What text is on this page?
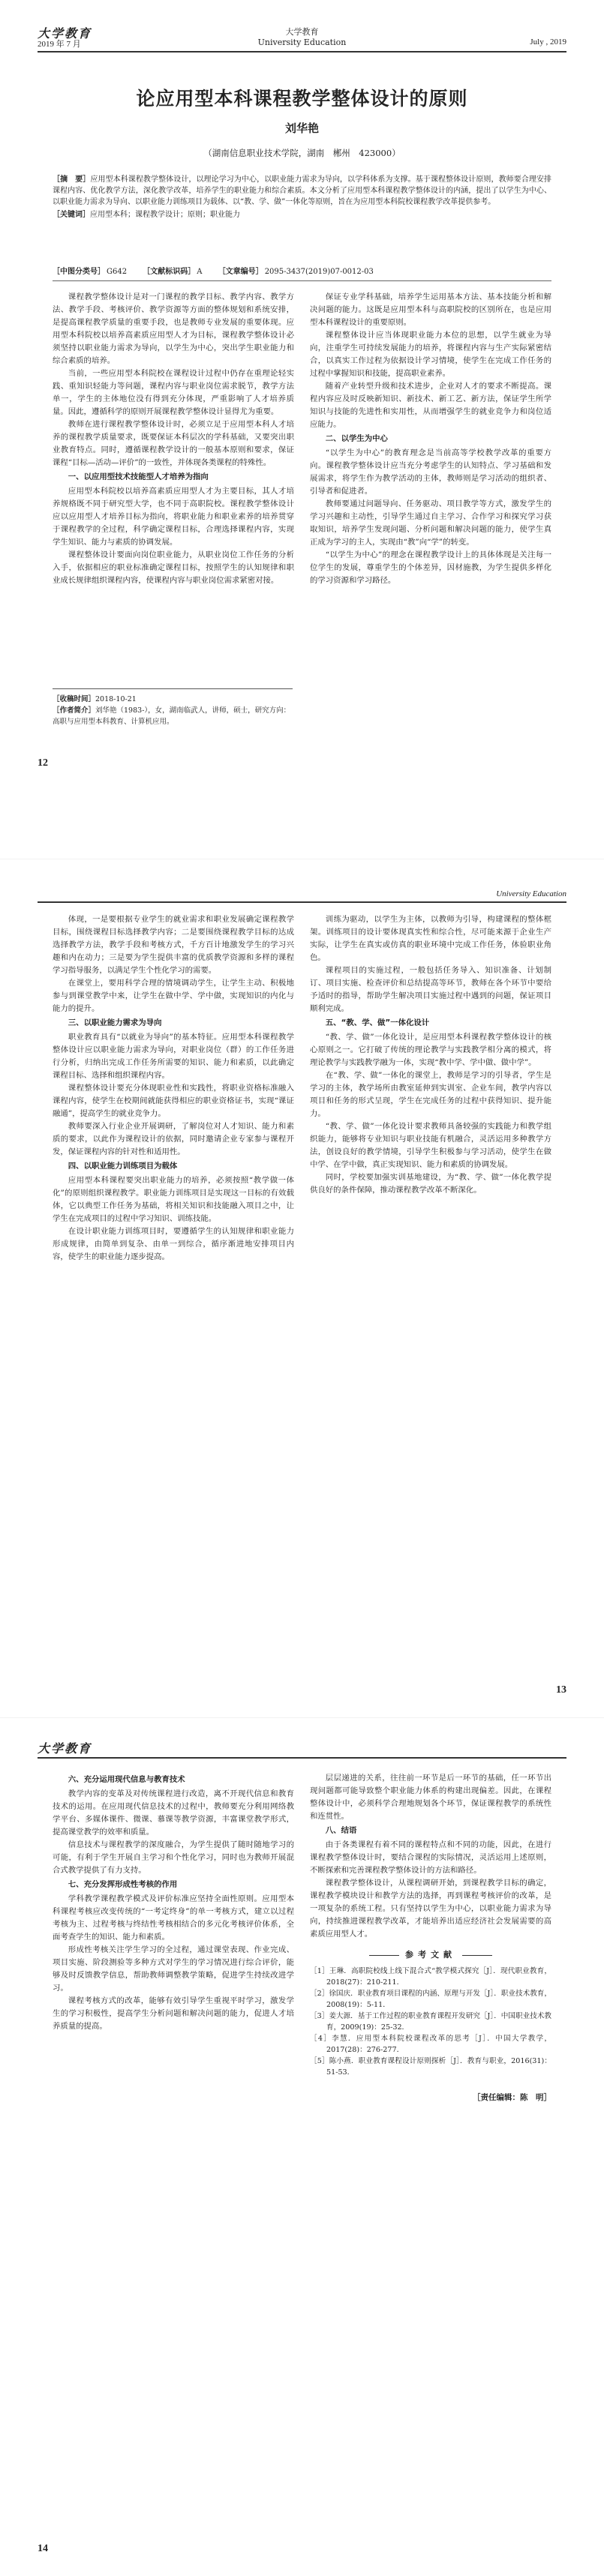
大学教育	大学教育
University Education
2019 年 7 月	July , 2019
论应用型本科课程教学整体设计的原则
刘华艳
（湖南信息职业技术学院，湖南　郴州　423000）
［摘　要］应用型本科课程教学整体设计，以理论学习为中心，以职业能力需求为导向，以学科体系为支撑。基于课程整体设计原则，教师要合理安排课程内容、优化教学方法，深化教学改革，培养学生的职业能力和综合素质。本文分析了应用型本科课程教学整体设计的内涵，提出了以学生为中心、以职业能力需求为导向、以职业能力训练项目为载体、以“教、学、做”一体化等原则，旨在为应用型本科院校课程教学改革提供参考。
［关键词］应用型本科；课程教学设计；原则；职业能力
［中图分类号］ G642 ［文献标识码］ A ［文章编号］ 2095-3437(2019)07-0012-03

课程教学整体设计是对一门课程的教学目标、教学内容、教学方法、教学手段、考核评价、教学资源等方面的整体规划和系统安排，是提高课程教学质量的重要手段，也是教师专业发展的重要体现。应用型本科院校以培养高素质应用型人才为目标，课程教学整体设计必须坚持以职业能力需求为导向，以学生为中心，突出学生职业能力和综合素质的培养。

当前，一些应用型本科院校在课程设计过程中仍存在重理论轻实践、重知识轻能力等问题，课程内容与职业岗位需求脱节，教学方法单一，学生的主体地位没有得到充分体现，严重影响了人才培养质量。因此，遵循科学的原则开展课程教学整体设计显得尤为重要。

教师在进行课程教学整体设计时，必须立足于应用型本科人才培养的课程教学质量要求，既要保证本科层次的学科基础，又要突出职业教育特点。同时，遵循课程教学设计的一般基本原则和要求，保证课程“目标—活动—评价”的一致性，并体现各类课程的特殊性。

一、以应用型技术技能型人才培养为指向

应用型本科院校以培养高素质应用型人才为主要目标，其人才培养规格既不同于研究型大学，也不同于高职院校。课程教学整体设计应以应用型人才培养目标为指向，将职业能力和职业素养的培养贯穿于课程教学的全过程，科学确定课程目标，合理选择课程内容，实现学生知识、能力与素质的协调发展。

课程整体设计要面向岗位职业能力，从职业岗位工作任务的分析入手，依据相应的职业标准确定课程目标，按照学生的认知规律和职业成长规律组织课程内容，使课程内容与职业岗位需求紧密对接。

保证专业学科基础，培养学生运用基本方法、基本技能分析和解决问题的能力。这既是应用型本科与高职院校的区别所在，也是应用型本科课程设计的重要原则。

课程整体设计应当体现职业能力本位的思想，以学生就业为导向，注重学生可持续发展能力的培养，将课程内容与生产实际紧密结合，以真实工作过程为依据设计学习情境，使学生在完成工作任务的过程中掌握知识和技能，提高职业素养。

随着产业转型升级和技术进步，企业对人才的要求不断提高。课程内容应及时反映新知识、新技术、新工艺、新方法，保证学生所学知识与技能的先进性和实用性，从而增强学生的就业竞争力和岗位适应能力。

二、以学生为中心

“以学生为中心”的教育理念是当前高等学校教学改革的重要方向。课程教学整体设计应当充分考虑学生的认知特点、学习基础和发展需求，将学生作为教学活动的主体，教师则是学习活动的组织者、引导者和促进者。

教师要通过问题导向、任务驱动、项目教学等方式，激发学生的学习兴趣和主动性，引导学生通过自主学习、合作学习和探究学习获取知识，培养学生发现问题、分析问题和解决问题的能力，使学生真正成为学习的主人，实现由“教”向“学”的转变。

“以学生为中心”的理念在课程教学设计上的具体体现是关注每一位学生的发展，尊重学生的个体差异，因材施教，为学生提供多样化的学习资源和学习路径。

［收稿时间］2018-10-21
［作者简介］刘华艳（1983-），女，湖南临武人，讲师，硕士，研究方向：高职与应用型本科教育、计算机应用。
12
University Education

体现，一是要根据专业学生的就业需求和职业发展确定课程教学目标，围绕课程目标选择教学内容；二是要围绕课程教学目标的达成选择教学方法，教学手段和考核方式，千方百计地激发学生的学习兴趣和内在动力；三是要为学生提供丰富的优质教学资源和多样的课程学习指导服务，以满足学生个性化学习的需要。

在课堂上，要用科学合理的情境调动学生，让学生主动、积极地参与到课堂教学中来，让学生在做中学、学中做，实现知识的内化与能力的提升。

三、以职业能力需求为导向

职业教育具有“以就业为导向”的基本特征。应用型本科课程教学整体设计应以职业能力需求为导向，对职业岗位（群）的工作任务进行分析，归纳出完成工作任务所需要的知识、能力和素质，以此确定课程目标、选择和组织课程内容。

课程整体设计要充分体现职业性和实践性，将职业资格标准融入课程内容，使学生在校期间就能获得相应的职业资格证书，实现“课证融通”，提高学生的就业竞争力。

教师要深入行业企业开展调研，了解岗位对人才知识、能力和素质的要求，以此作为课程设计的依据，同时邀请企业专家参与课程开发，保证课程内容的针对性和适用性。

四、以职业能力训练项目为载体

应用型本科课程要突出职业能力的培养，必须按照“教学做一体化”的原则组织课程教学。职业能力训练项目是实现这一目标的有效载体，它以典型工作任务为基础，将相关知识和技能融入项目之中，让学生在完成项目的过程中学习知识、训练技能。

在设计职业能力训练项目时，要遵循学生的认知规律和职业能力形成规律，由简单到复杂、由单一到综合，循序渐进地安排项目内容，使学生的职业能力逐步提高。

训练为驱动，以学生为主体，以教师为引导，构建课程的整体框架。训练项目的设计要体现真实性和综合性，尽可能来源于企业生产实际，让学生在真实或仿真的职业环境中完成工作任务，体验职业角色。

课程项目的实施过程，一般包括任务导入、知识准备、计划制订、项目实施、检查评价和总结提高等环节，教师在各个环节中要给予适时的指导，帮助学生解决项目实施过程中遇到的问题，保证项目顺利完成。

五、“教、学、做”一体化设计

“教、学、做”一体化设计，是应用型本科课程教学整体设计的核心原则之一。它打破了传统的理论教学与实践教学相分离的模式，将理论教学与实践教学融为一体，实现“教中学、学中做、做中学”。

在“教、学、做”一体化的课堂上，教师是学习的引导者，学生是学习的主体，教学场所由教室延伸到实训室、企业车间，教学内容以项目和任务的形式呈现，学生在完成任务的过程中获得知识、提升能力。

“教、学、做”一体化设计要求教师具备较强的实践能力和教学组织能力，能够将专业知识与职业技能有机融合，灵活运用多种教学方法，创设良好的教学情境，引导学生积极参与学习活动，使学生在做中学、在学中做，真正实现知识、能力和素质的协调发展。

同时，学校要加强实训基地建设，为“教、学、做”一体化教学提供良好的条件保障，推动课程教学改革不断深化。

13
大学教育
六、充分运用现代信息与教育技术

教学内容的变革及对传统课程进行改造，离不开现代信息和教育技术的运用。在应用现代信息技术的过程中，教师要充分利用网络教学平台、多媒体课件、微课、慕课等教学资源，丰富课堂教学形式，提高课堂教学的效率和质量。

信息技术与课程教学的深度融合，为学生提供了随时随地学习的可能，有利于学生开展自主学习和个性化学习，同时也为教师开展混合式教学提供了有力支持。

七、充分发挥形成性考核的作用

学科教学课程教学模式及评价标准应坚持全面性原则。应用型本科课程考核应改变传统的“一考定终身”的单一考核方式，建立以过程考核为主、过程考核与终结性考核相结合的多元化考核评价体系，全面考查学生的知识、能力和素质。

形成性考核关注学生学习的全过程，通过课堂表现、作业完成、项目实施、阶段测验等多种方式对学生的学习情况进行综合评价，能够及时反馈教学信息，帮助教师调整教学策略，促进学生持续改进学习。

课程考核方式的改革，能够有效引导学生重视平时学习，激发学生的学习积极性，提高学生分析问题和解决问题的能力，促进人才培养质量的提高。

层层递进的关系，往往前一环节是后一环节的基础，任一环节出现问题都可能导致整个职业能力体系的构建出现偏差。因此，在课程整体设计中，必须科学合理地规划各个环节，保证课程教学的系统性和连贯性。

八、结语

由于各类课程有着不同的课程特点和不同的功能，因此，在进行课程教学整体设计时，要结合课程的实际情况，灵活运用上述原则，不断探索和完善课程教学整体设计的方法和路径。

课程教学整体设计，从课程调研开始，到课程教学目标的确定，课程教学模块设计和教学方法的选择，再到课程考核评价的改革，是一项复杂的系统工程。只有坚持以学生为中心，以职业能力需求为导向，持续推进课程教学改革，才能培养出适应经济社会发展需要的高素质应用型人才。

参考文献
［1］王琳．高职院校线上线下混合式“教学模式探究［J］．现代职业教育，2018(27)：210-211．
［2］徐国庆．职业教育项目课程的内涵、原理与开发［J］．职业技术教育，2008(19)：5-11．
［3］姜大源．基于工作过程的职业教育课程开发研究［J］．中国职业技术教育，2009(19)：25-32．
［4］李慧．应用型本科院校课程改革的思考［J］．中国大学教学，2017(28)：276-277．
［5］陈小燕．职业教育课程设计原则探析［J］．教育与职业，2016(31)：51-53．
［责任编辑：陈　明］
14
